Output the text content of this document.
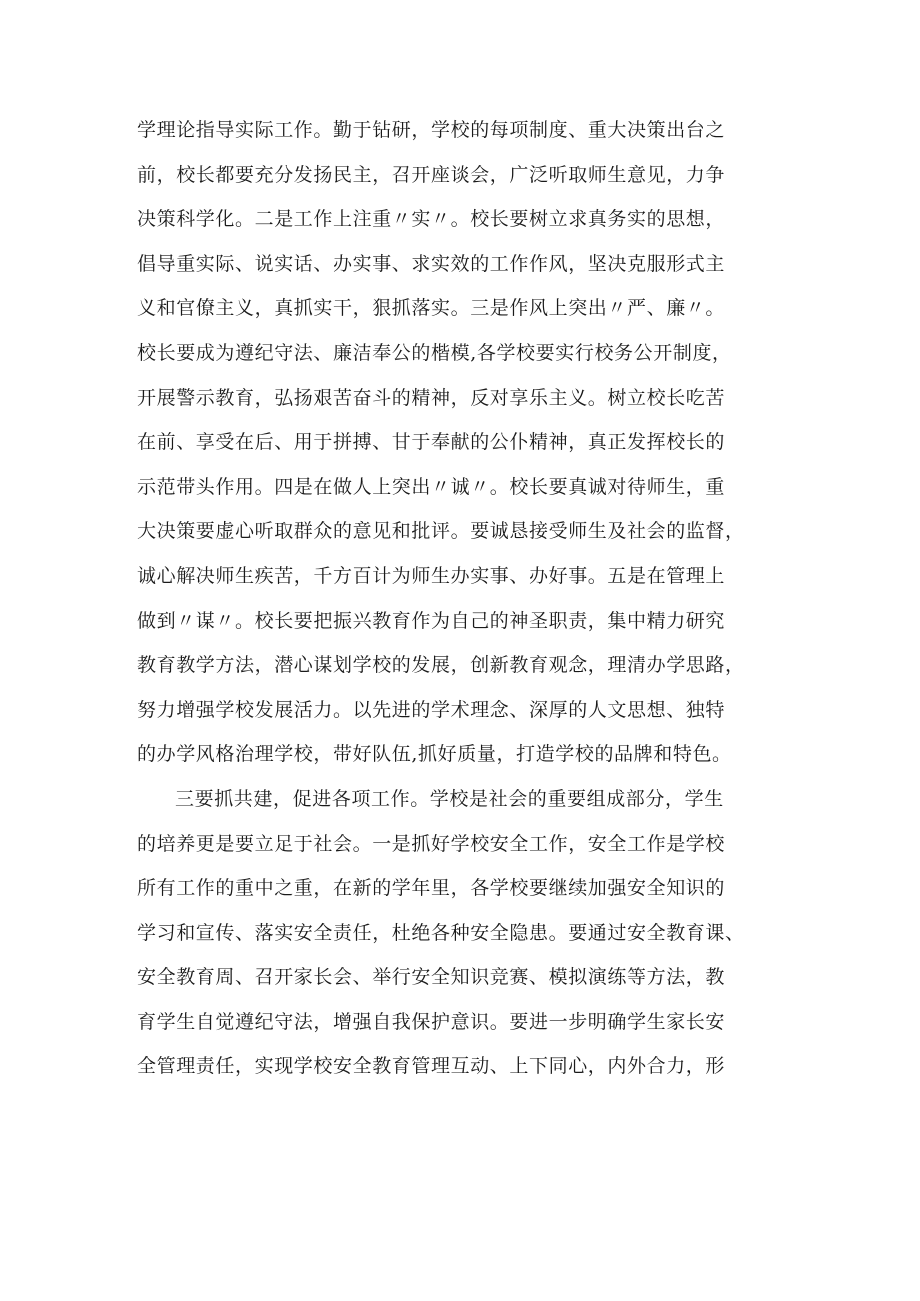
学理论指导实际工作。勤于钻研，学校的每项制度、重大决策出台之
前，校长都要充分发扬民主，召开座谈会，广泛听取师生意见，力争
决策科学化。二是工作上注重〃实〃。校长要树立求真务实的思想，
倡导重实际、说实话、办实事、求实效的工作作风，坚决克服形式主
义和官僚主义，真抓实干，狠抓落实。三是作风上突出〃严、廉〃。
校长要成为遵纪守法、廉洁奉公的楷模,各学校要实行校务公开制度，
开展警示教育，弘扬艰苦奋斗的精神，反对享乐主义。树立校长吃苦
在前、享受在后、用于拼搏、甘于奉献的公仆精神，真正发挥校长的
示范带头作用。四是在做人上突出〃诚〃。校长要真诚对待师生，重
大决策要虚心听取群众的意见和批评。要诚恳接受师生及社会的监督，
诚心解决师生疾苦，千方百计为师生办实事、办好事。五是在管理上
做到〃谋〃。校长要把振兴教育作为自己的神圣职责，集中精力研究
教育教学方法，潜心谋划学校的发展，创新教育观念，理清办学思路，
努力增强学校发展活力。以先进的学术理念、深厚的人文思想、独特
的办学风格治理学校，带好队伍,抓好质量，打造学校的品牌和特色。
三要抓共建，促进各项工作。学校是社会的重要组成部分，学生
的培养更是要立足于社会。一是抓好学校安全工作，安全工作是学校
所有工作的重中之重，在新的学年里，各学校要继续加强安全知识的
学习和宣传、落实安全责任，杜绝各种安全隐患。要通过安全教育课、
安全教育周、召开家长会、举行安全知识竞赛、模拟演练等方法，教
育学生自觉遵纪守法，增强自我保护意识。要进一步明确学生家长安
全管理责任，实现学校安全教育管理互动、上下同心，内外合力，形
